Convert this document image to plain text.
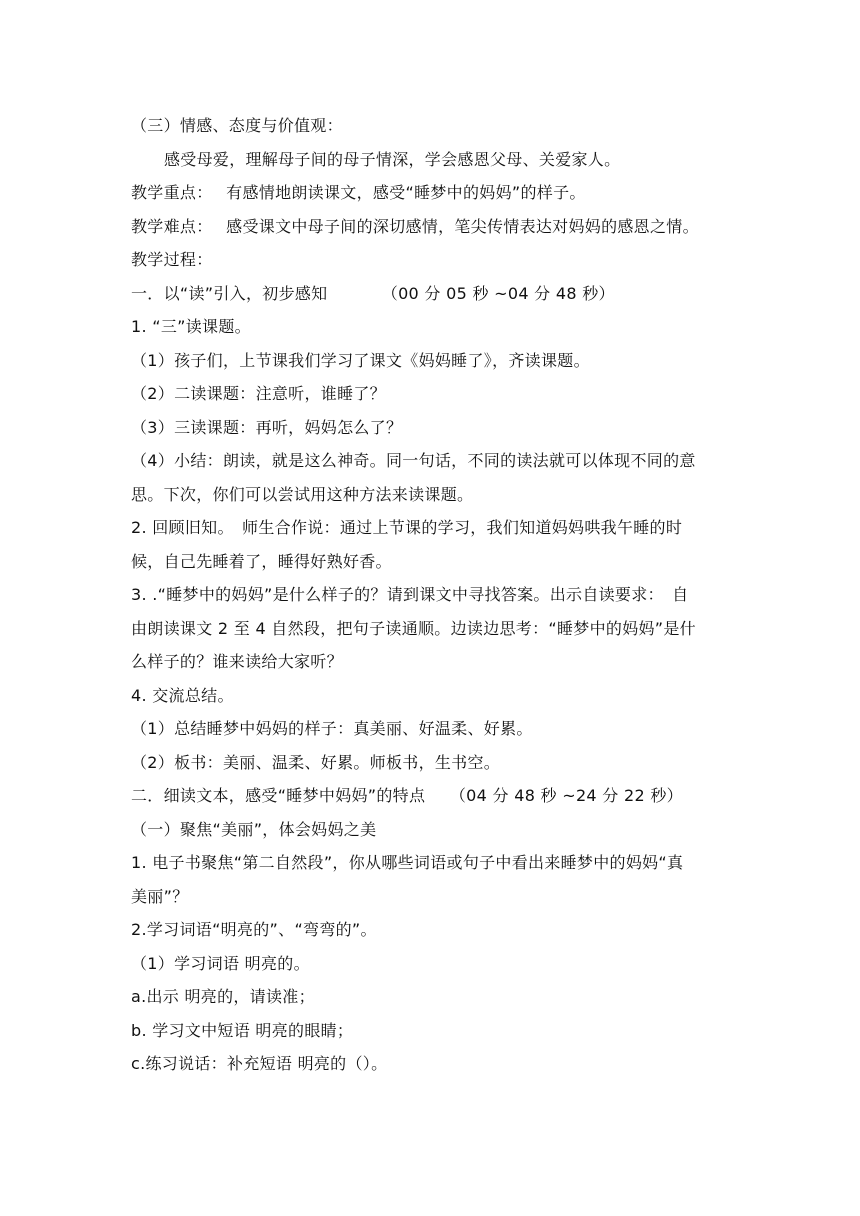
（三）情感、态度与价值观：
感受母爱，理解母子间的母子情深，学会感恩父母、关爱家人。
教学重点：　 有感情地朗读课文，感受“睡梦中的妈妈”的样子。
教学难点：　 感受课文中母子间的深切感情，笔尖传情表达对妈妈的感恩之情。
教学过程：
一．以“读”引入，初步感知　　　 （00 分 05 秒 ~04 分 48 秒）
1. “三”读课题。
（1）孩子们，上节课我们学习了课文《妈妈睡了》，齐读课题。
（2）二读课题：注意听，谁睡了？
（3）三读课题：再听，妈妈怎么了？
（4）小结：朗读，就是这么神奇。同一句话，不同的读法就可以体现不同的意
思。下次，你们可以尝试用这种方法来读课题。
2. 回顾旧知。　师生合作说：通过上节课的学习，我们知道妈妈哄我午睡的时
候，自己先睡着了，睡得好熟好香。
3. .“睡梦中的妈妈”是什么样子的？请到课文中寻找答案。出示自读要求：　自
由朗读课文 2 至 4 自然段，把句子读通顺。边读边思考：“睡梦中的妈妈”是什
么样子的？谁来读给大家听？
4. 交流总结。
（1）总结睡梦中妈妈的样子：真美丽、好温柔、好累。
（2）板书：美丽、温柔、好累。师板书，生书空。
二．细读文本，感受“睡梦中妈妈”的特点　　（04 分 48 秒 ~24 分 22 秒）
（一）聚焦“美丽”，体会妈妈之美
1. 电子书聚焦“第二自然段”，你从哪些词语或句子中看出来睡梦中的妈妈“真
美丽”？
2.学习词语“明亮的”、“弯弯的”。
（1）学习词语 明亮的。
a.出示 明亮的，请读准；
b. 学习文中短语 明亮的眼睛；
c.练习说话：补充短语 明亮的（）。
